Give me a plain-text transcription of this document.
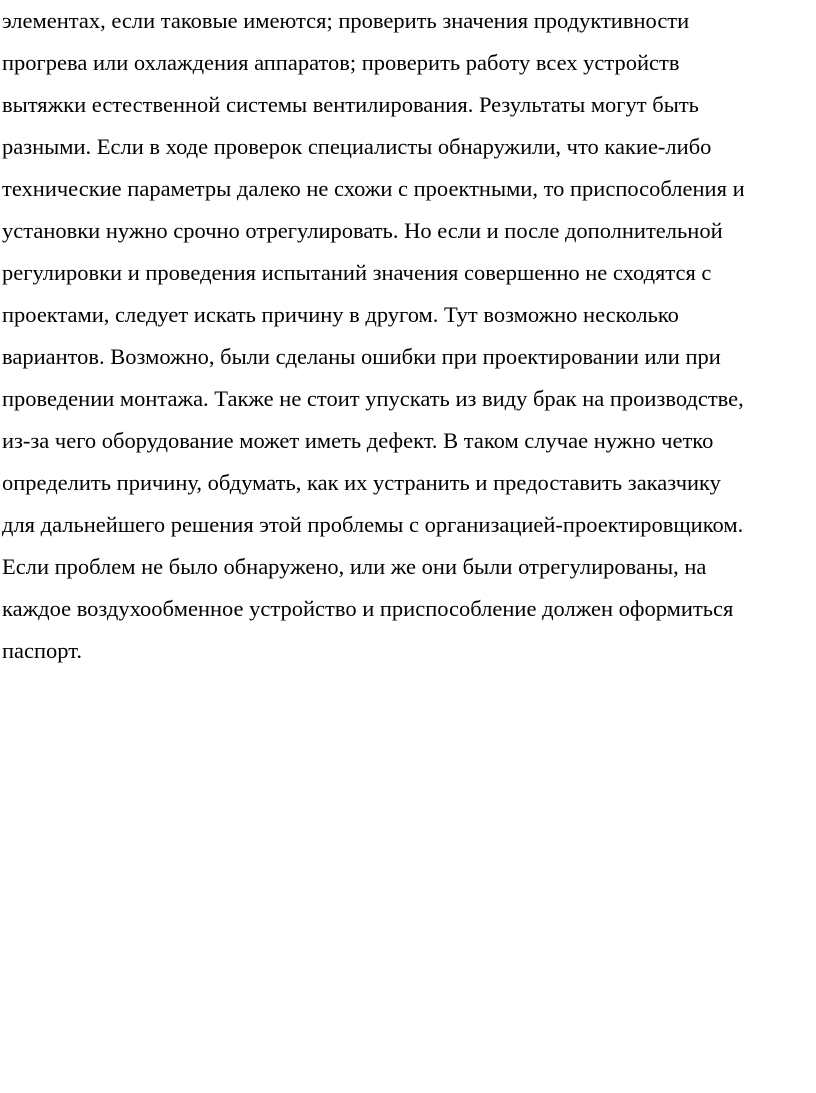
элементах, если таковые имеются; проверить значения продуктивности
прогрева или охлаждения аппаратов; проверить работу всех устройств
вытяжки естественной системы вентилирования. Результаты могут быть
разными. Если в ходе проверок специалисты обнаружили, что какие-либо
технические параметры далеко не схожи с проектными, то приспособления и
установки нужно срочно отрегулировать. Но если и после дополнительной
регулировки и проведения испытаний значения совершенно не сходятся с
проектами, следует искать причину в другом. Тут возможно несколько
вариантов. Возможно, были сделаны ошибки при проектировании или при
проведении монтажа. Также не стоит упускать из виду брак на производстве,
из-за чего оборудование может иметь дефект. В таком случае нужно четко
определить причину, обдумать, как их устранить и предоставить заказчику
для дальнейшего решения этой проблемы с организацией-проектировщиком.
Если проблем не было обнаружено, или же они были отрегулированы, на
каждое воздухообменное устройство и приспособление должен оформиться
паспорт.
